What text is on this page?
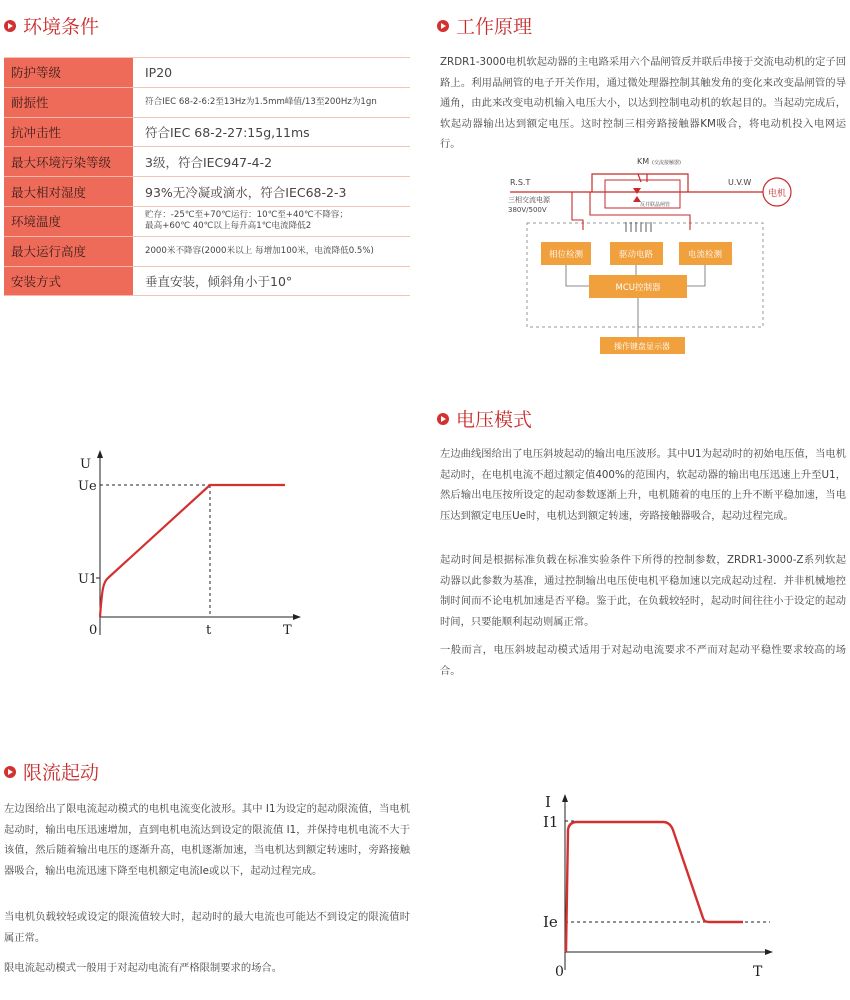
环境条件
防护等级	IP20
耐振性	符合IEC 68-2-6:2至13Hz为1.5mm峰值/13至200Hz为1gn
抗冲击性	符合IEC 68-2-27:15g,11ms
最大环境污染等级	3级，符合IEC947-4-2
最大相对湿度	93%无冷凝或滴水，符合IEC68-2-3
环境温度	贮存：-25℃至+70℃运行：10℃至+40℃不降容；
最高+60℃ 40℃以上每升高1℃电流降低2
最大运行高度	2000米不降容(2000米以上 每增加100米，电流降低0.5%)
安装方式	垂直安装，倾斜角小于10°
工作原理

ZRDR1-3000电机软起动器的主电路采用六个晶闸管反并联后串接于交流电动机的定子回路上。利用晶闸管的电子开关作用，通过微处理器控制其触发角的变化来改变晶闸管的导通角，由此来改变电动机输入电压大小，以达到控制电动机的软起目的。当起动完成后，软起动器输出达到额定电压。这时控制三相旁路接触器KM吸合，将电动机投入电网运行。

R.S.T
三相交流电源
380V/500V
U.V.W
KM (交流接触器)
反并联晶闸管
电机
相位检测	驱动电路	电流检测
MCU控制器
操作键盘显示器
U
Ue
U1
0	t	T
电压模式

左边曲线图给出了电压斜坡起动的输出电压波形。其中U1为起动时的初始电压值，当电机起动时，在电机电流不超过额定值400%的范围内，软起动器的输出电压迅速上升至U1，然后输出电压按所设定的起动参数逐渐上升，电机随着的电压的上升不断平稳加速，当电压达到额定电压Ue时，电机达到额定转速，旁路接触器吸合，起动过程完成。

起动时间是根据标准负载在标准实验条件下所得的控制参数，ZRDR1-3000-Z系列软起动器以此参数为基准，通过控制输出电压使电机平稳加速以完成起动过程．并非机械地控制时间而不论电机加速是否平稳。鉴于此，在负载较轻时，起动时间往往小于设定的起动时间，只要能顺利起动则属正常。

一般而言，电压斜坡起动模式适用于对起动电流要求不严而对起动平稳性要求较高的场合。

限流起动

左边图给出了限电流起动模式的电机电流变化波形。其中 I1为设定的起动限流值，当电机起动时，输出电压迅速增加，直到电机电流达到设定的限流值 I1，并保持电机电流不大于该值，然后随着输出电压的逐渐升高，电机逐渐加速，当电机达到额定转速时，旁路接触器吸合，输出电流迅速下降至电机额定电流Ie或以下，起动过程完成。

当电机负载较轻或设定的限流值较大时，起动时的最大电流也可能达不到设定的限流值时属正常。

限电流起动模式一般用于对起动电流有严格限制要求的场合。

I
I1
Ie
0	T
